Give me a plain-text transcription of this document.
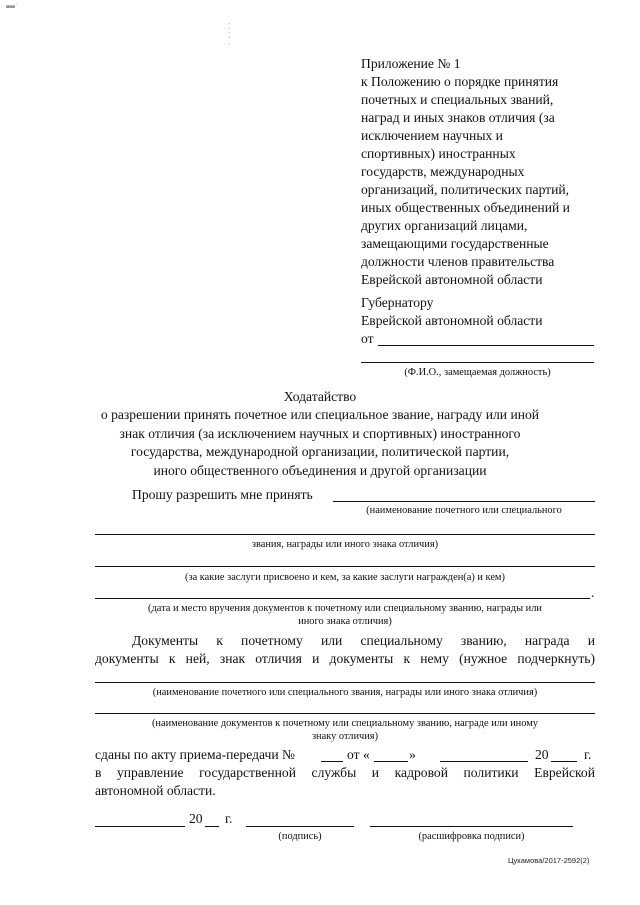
▬ˑ
⁚
⁚
·
Приложение № 1
к Положению о порядке принятия
почетных и специальных званий,
наград и иных знаков отличия (за
исключением научных и
спортивных) иностранных
государств, международных
организаций, политических партий,
иных общественных объединений и
других организаций лицами,
замещающими государственные
должности членов правительства
Еврейской автономной области
Губернатору
Еврейской автономной области
от
(Ф.И.О., замещаемая должность)
Ходатайство
о разрешении принять почетное или специальное звание, награду или иной
знак отличия (за исключением научных и спортивных) иностранного
государства, международной организации, политической партии,
иного общественного объединения и другой организации
Прошу разрешить мне принять
(наименование почетного или специального
звания, награды или иного знака отличия)
(за какие заслуги присвоено и кем, за какие заслуги награжден(а) и кем)
.
(дата и место вручения документов к почетному или специальному званию, награды или
иного знака отличия)
Документы к почетному или специальному званию, награда и
документы к ней, знак отличия и документы к нему (нужное подчеркнуть)
(наименование почетного или специального звания, награды или иного знака отличия)
(наименование документов к почетному или специальному званию, награде или иному
знаку отличия)
сданы по акту приема-передачи №	от «	»	20	г.
в управление государственной службы и кадровой политики Еврейской
автономной области.
20 г.
(подпись)	(расшифровка подписи)
Цукамова/2017-2592(2)
